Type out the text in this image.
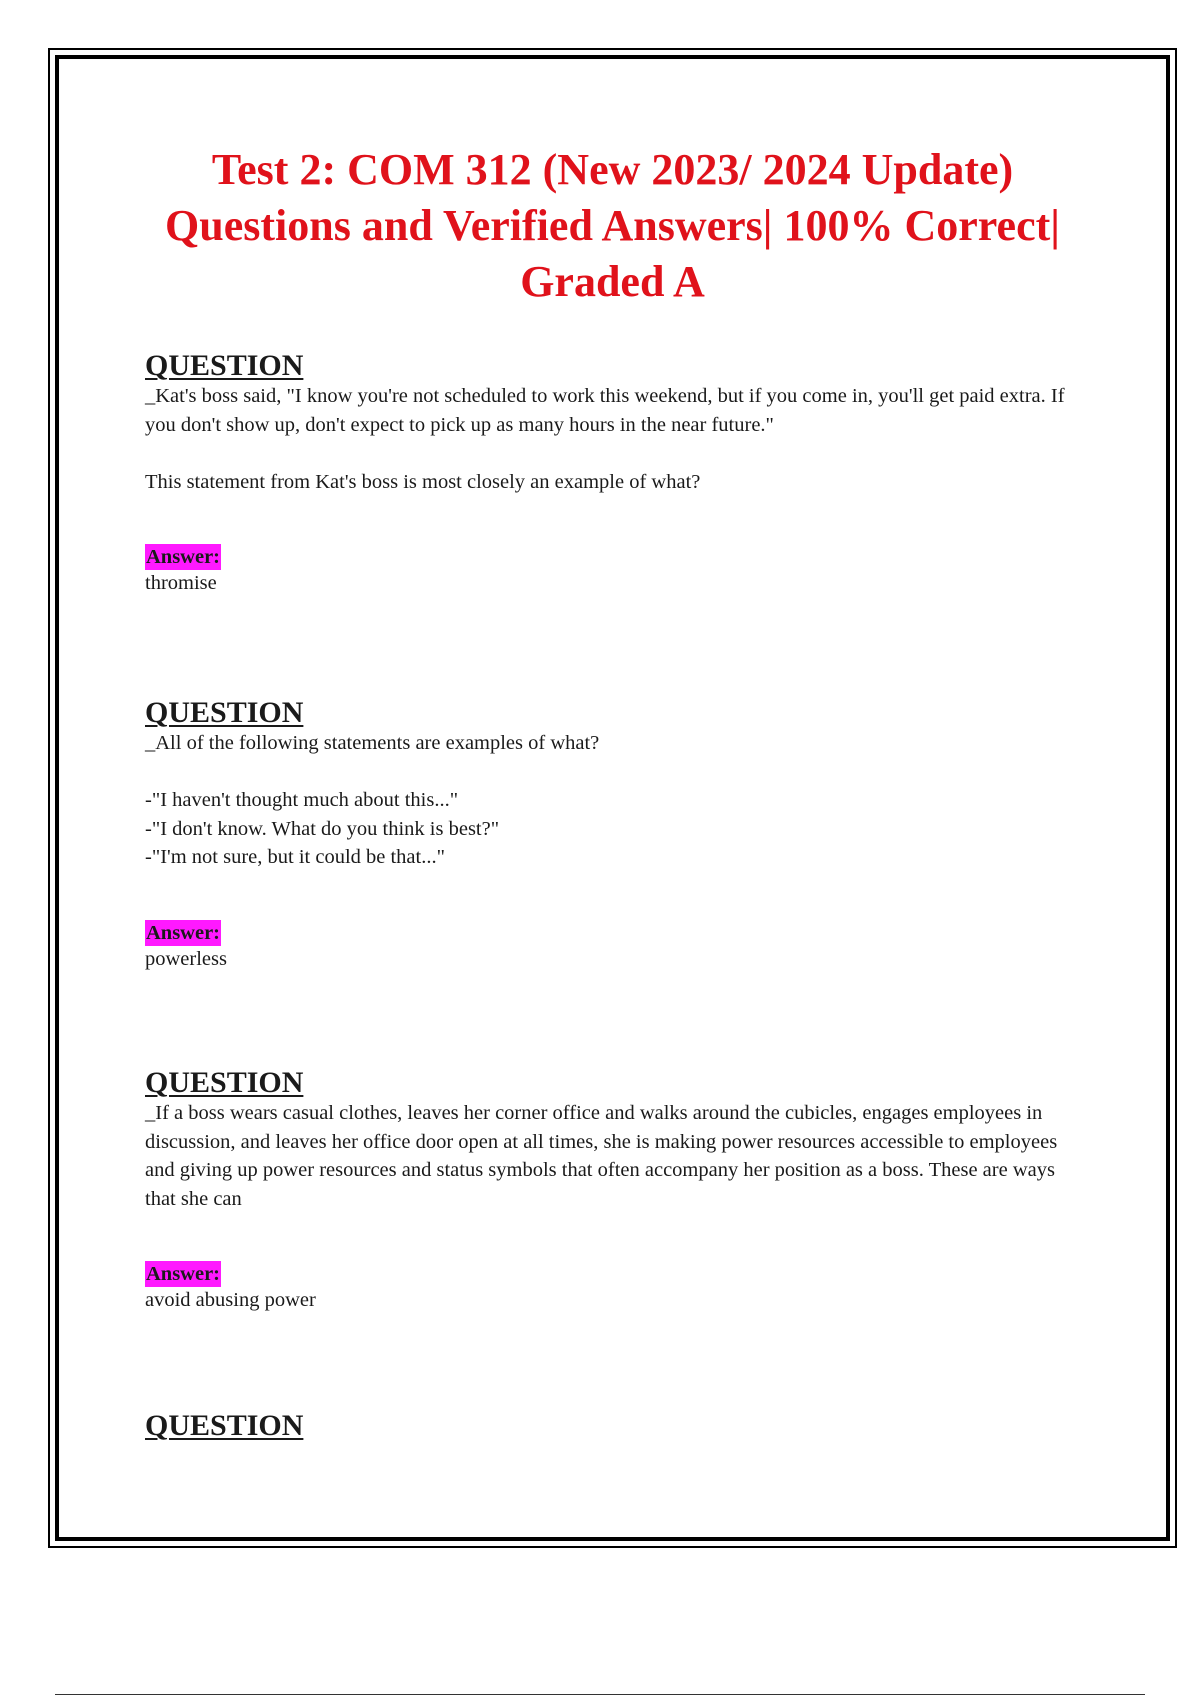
Test 2: COM 312 (New 2023/ 2024 Update) Questions and Verified Answers| 100% Correct| Graded A
QUESTION

_Kat's boss said, "I know you're not scheduled to work this weekend, but if you come in, you'll get paid extra. If you don't show up, don't expect to pick up as many hours in the near future."

This statement from Kat's boss is most closely an example of what?

Answer:
thromise
QUESTION

_All of the following statements are examples of what?

-"I haven't thought much about this..."
-"I don't know. What do you think is best?"
-"I'm not sure, but it could be that..."

Answer:
powerless
QUESTION

_If a boss wears casual clothes, leaves her corner office and walks around the cubicles, engages employees in discussion, and leaves her office door open at all times, she is making power resources accessible to employees and giving up power resources and status symbols that often accompany her position as a boss. These are ways that she can

Answer:
avoid abusing power
QUESTION
